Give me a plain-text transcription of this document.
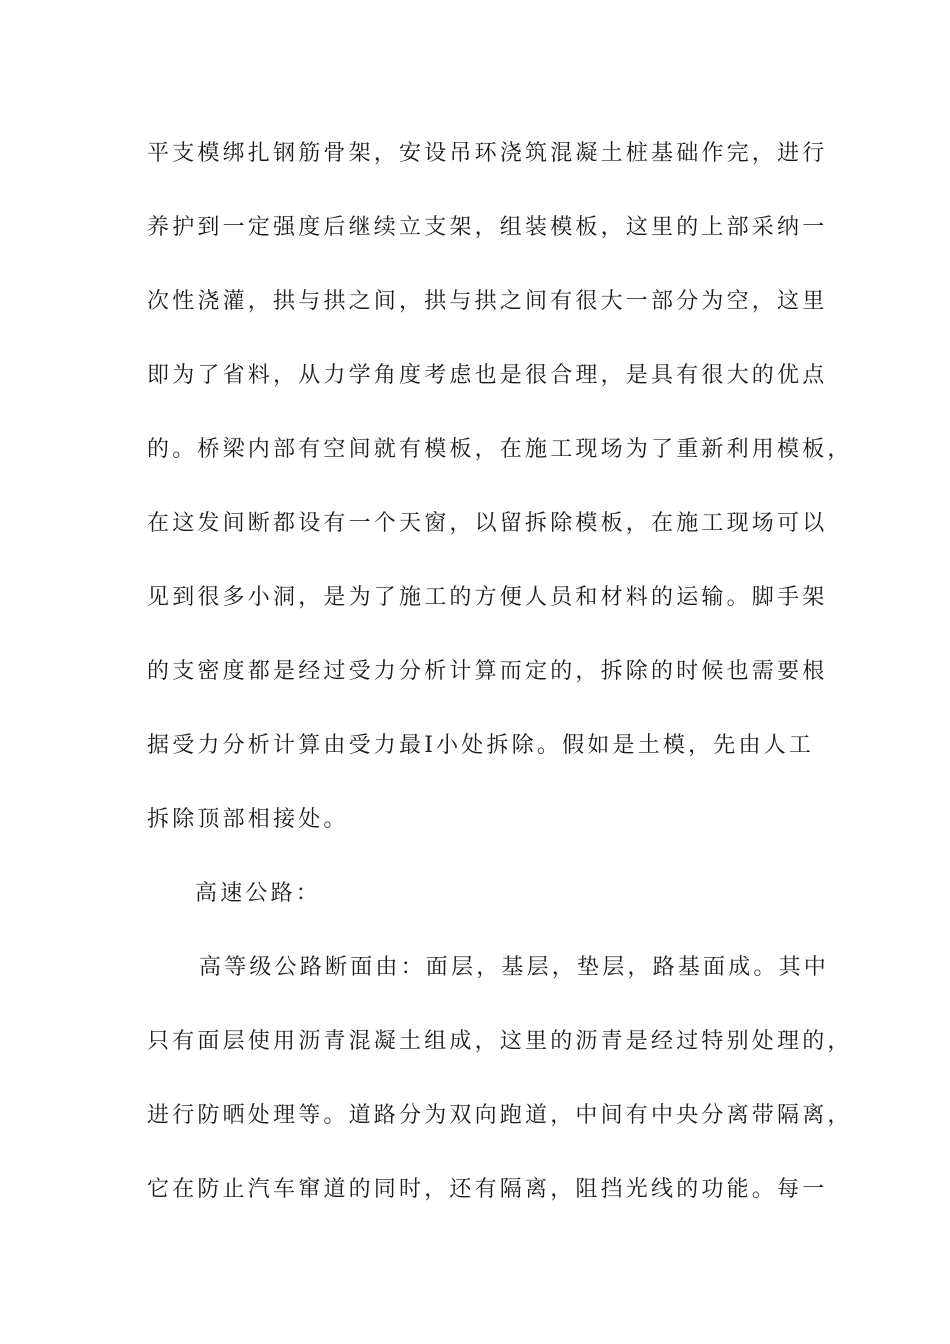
平支模绑扎钢筋骨架，安设吊环浇筑混凝土桩基础作完，进行
养护到一定强度后继续立支架，组装模板，这里的上部采纳一
次性浇灌，拱与拱之间，拱与拱之间有很大一部分为空，这里
即为了省料，从力学角度考虑也是很合理，是具有很大的优点
的。桥梁内部有空间就有模板，在施工现场为了重新利用模板，
在这发间断都设有一个天窗，以留拆除模板，在施工现场可以
见到很多小洞，是为了施工的方便人员和材料的运输。脚手架
的支密度都是经过受力分析计算而定的，拆除的时候也需要根
据受力分析计算由受力最Ⅰ小处拆除。假如是土模，先由人工
拆除顶部相接处。
高速公路：
高等级公路断面由：面层，基层，垫层，路基面成。其中
只有面层使用沥青混凝土组成，这里的沥青是经过特别处理的，
进行防晒处理等。道路分为双向跑道，中间有中央分离带隔离，
它在防止汽车窜道的同时，还有隔离，阻挡光线的功能。每一
